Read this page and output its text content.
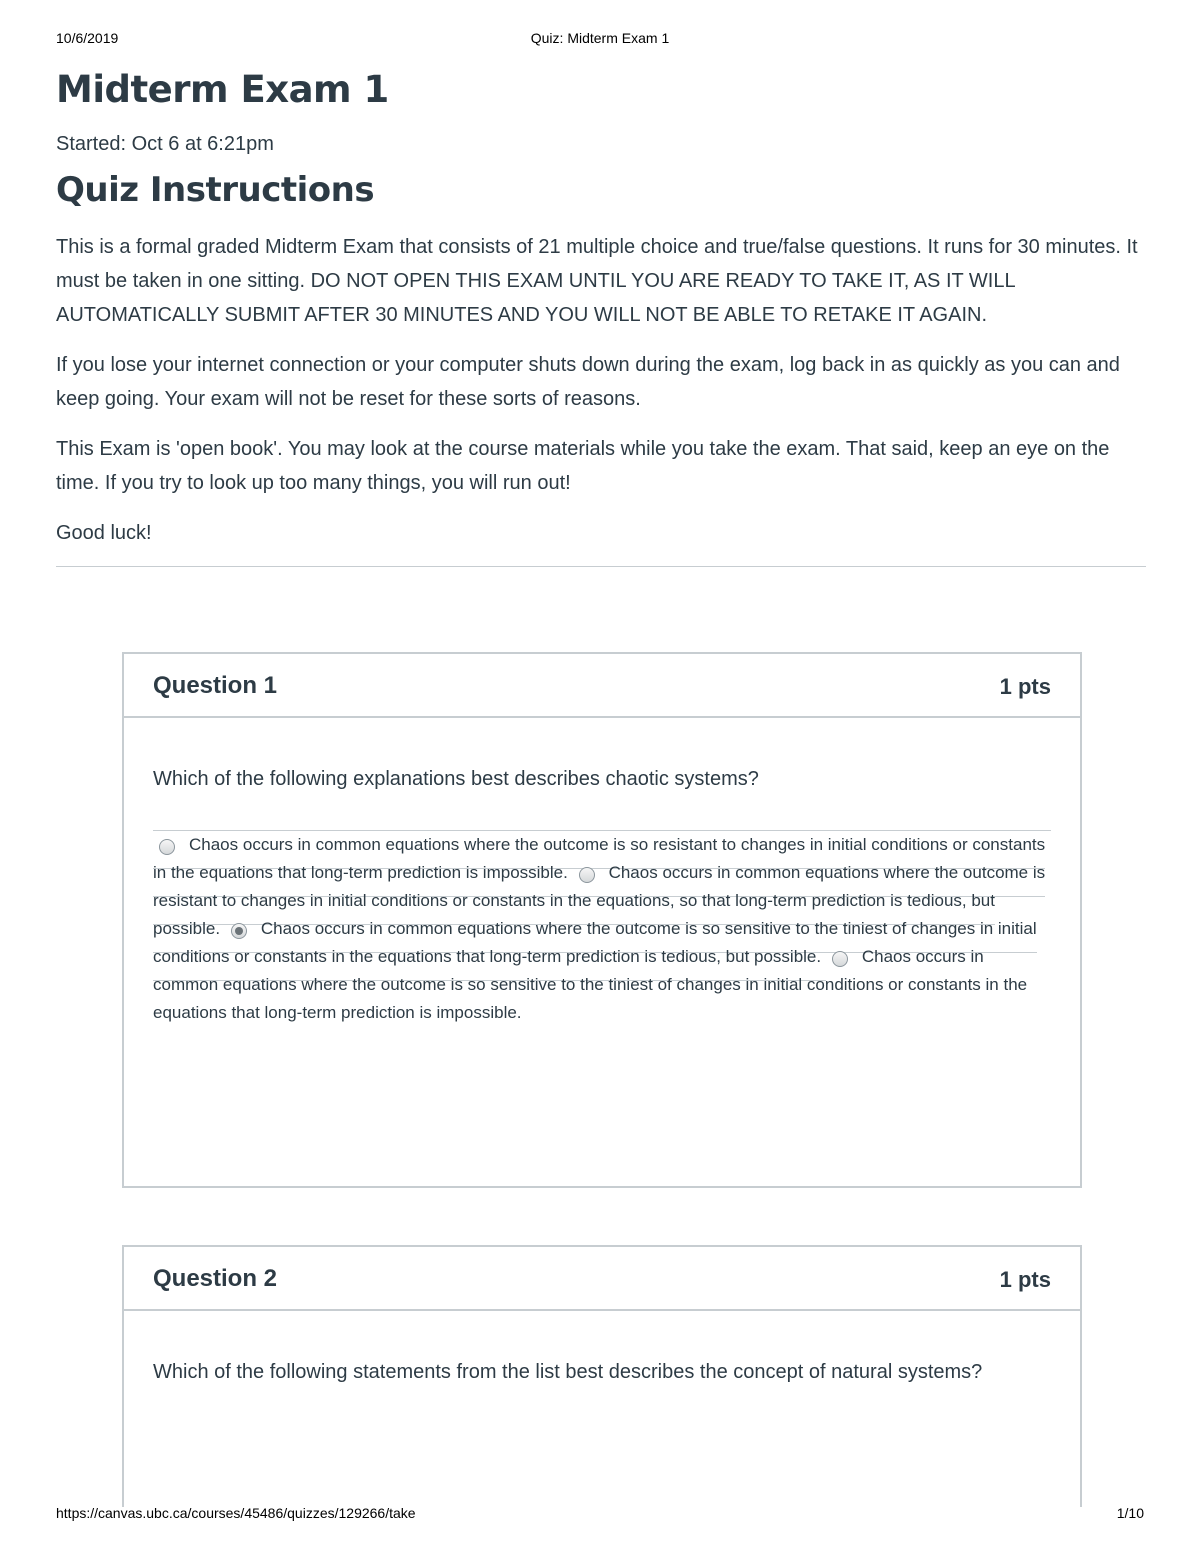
10/6/2019	Quiz: Midterm Exam 1
Midterm Exam 1
Started: Oct 6 at 6:21pm
Quiz Instructions

This is a formal graded Midterm Exam that consists of 21 multiple choice and true/false questions. It runs for 30 minutes. It must be taken in one sitting. DO NOT OPEN THIS EXAM UNTIL YOU ARE READY TO TAKE IT, AS IT WILL AUTOMATICALLY SUBMIT AFTER 30 MINUTES AND YOU WILL NOT BE ABLE TO RETAKE IT AGAIN.

If you lose your internet connection or your computer shuts down during the exam, log back in as quickly as you can and keep going. Your exam will not be reset for these sorts of reasons.

This Exam is 'open book'. You may look at the course materials while you take the exam. That said, keep an eye on the time. If you try to look up too many things, you will run out!

Good luck!

Question 1	1 pts

Which of the following explanations best describes chaotic systems?

Chaos occurs in common equations where the outcome is so resistant to changes in initial conditions or constants in the equations that long-term prediction is impossible. Chaos occurs in common equations where the outcome is resistant to changes in initial conditions or constants in the equations, so that long-term prediction is tedious, but possible. Chaos occurs in common equations where the outcome is so sensitive to the tiniest of changes in initial conditions or constants in the equations that long-term prediction is tedious, but possible. Chaos occurs in common equations where the outcome is so sensitive to the tiniest of changes in initial conditions or constants in the equations that long-term prediction is impossible.
Question 2	1 pts

Which of the following statements from the list best describes the concept of natural systems?

https://canvas.ubc.ca/courses/45486/quizzes/129266/take	1/10
